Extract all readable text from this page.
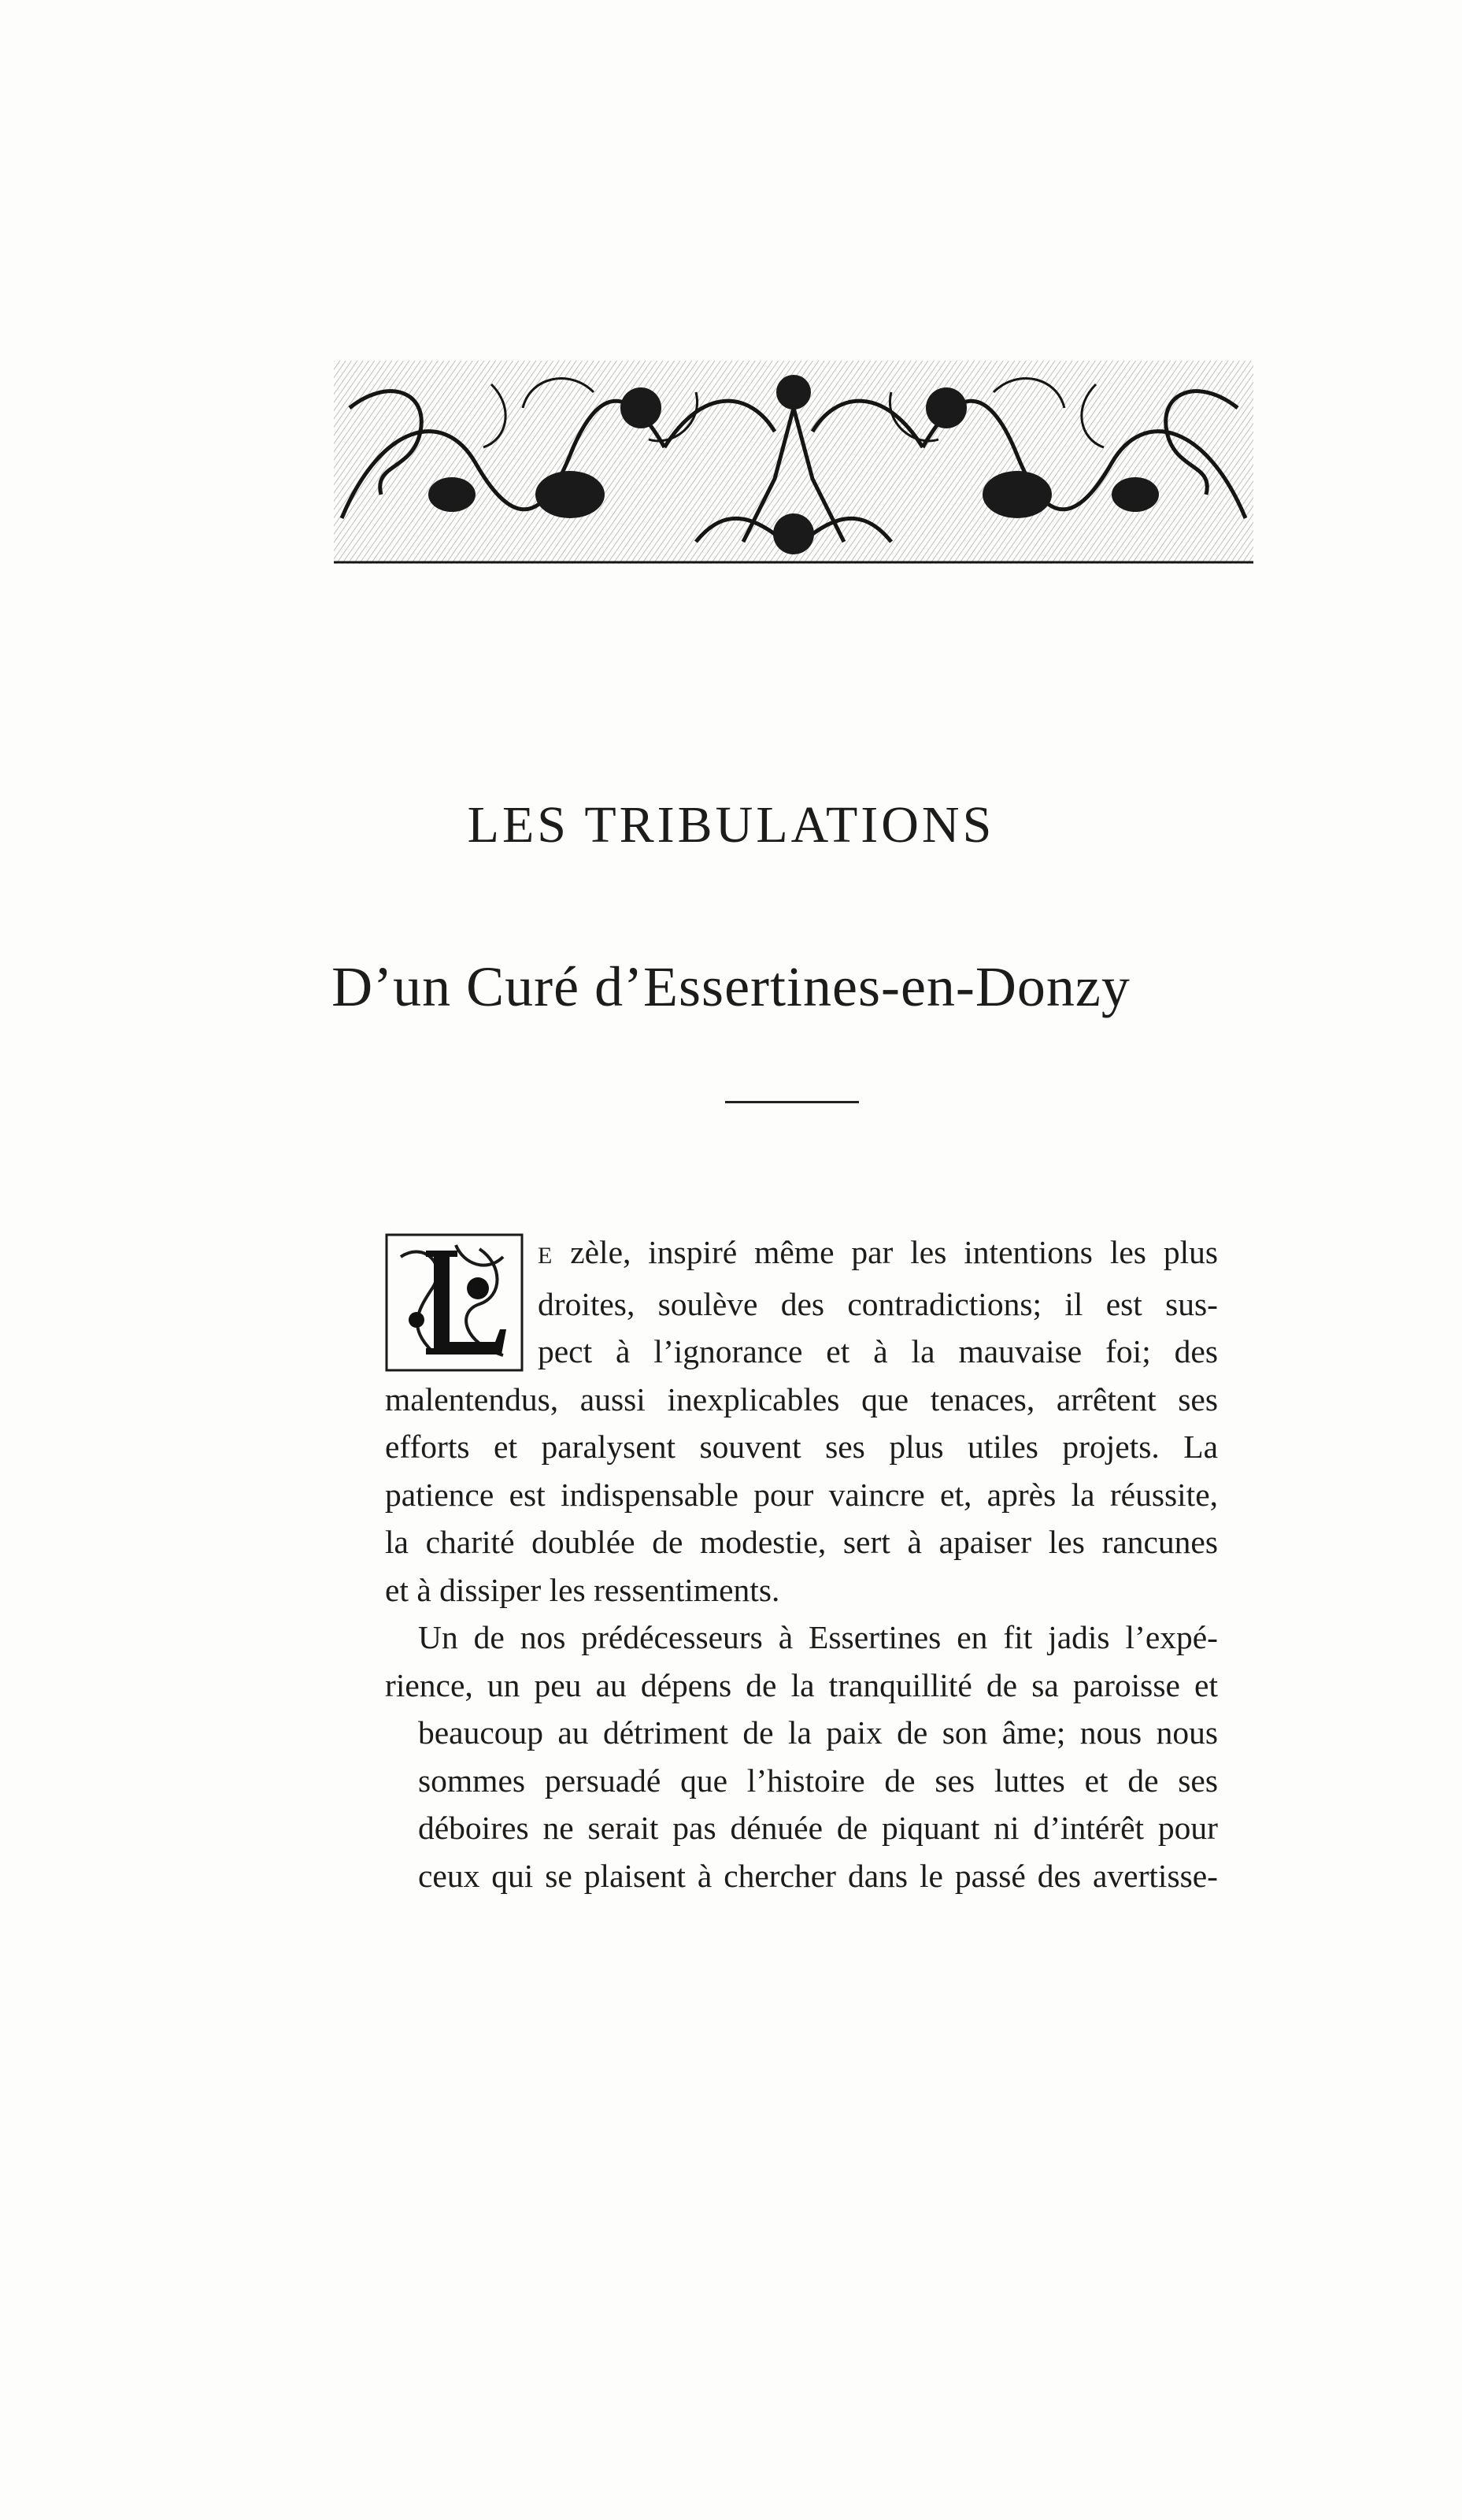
LES TRIBULATIONS
D’un Curé d’Essertines-en-Donzy

E zèle, inspiré même par les intentions les plus
droites, soulève des contradictions; il est sus-
pect à l’ignorance et à la mauvaise foi; des
malentendus, aussi inexplicables que tenaces, arrêtent ses
efforts et paralysent souvent ses plus utiles projets. La
patience est indispensable pour vaincre et, après la réussite,
la charité doublée de modestie, sert à apaiser les rancunes
et à dissiper les ressentiments.

Un de nos prédécesseurs à Essertines en fit jadis l’expé-
rience, un peu au dépens de la tranquillité de sa paroisse et
beaucoup au détriment de la paix de son âme; nous nous
sommes persuadé que l’histoire de ses luttes et de ses
déboires ne serait pas dénuée de piquant ni d’intérêt pour
ceux qui se plaisent à chercher dans le passé des avertisse-
